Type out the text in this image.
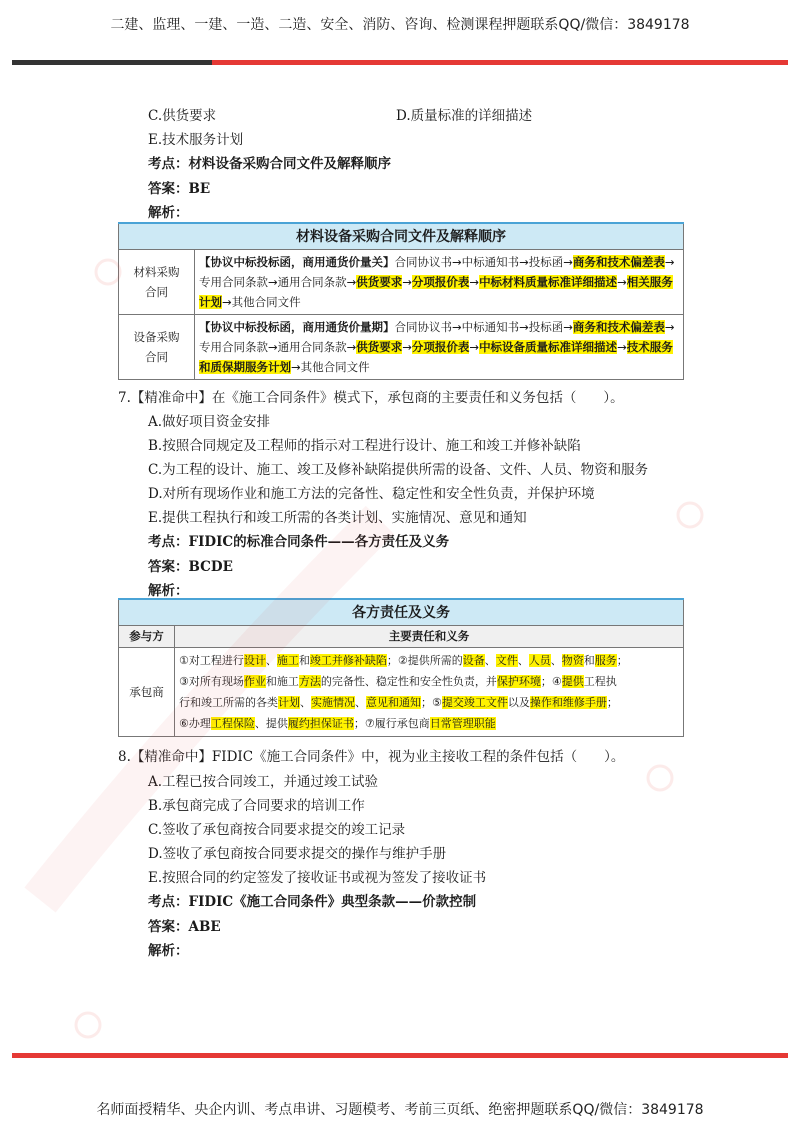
二建、监理、一建、一造、二造、安全、消防、咨询、检测课程押题联系QQ/微信：3849178
C.供货要求	D.质量标准的详细描述
E.技术服务计划
考点：材料设备采购合同文件及解释顺序
答案：BE
解析：
材料设备采购合同文件及解释顺序	

材料采购
合同	【协议中标投标函，商用通货价量关】合同协议书→中标通知书→投标函→商务和技术偏差表→专用合同条款→通用合同条款→供货要求→分项报价表→中标材料质量标准详细描述→相关服务计划→其他合同文件

设备采购
合同	【协议中标投标函，商用通货价量期】合同协议书→中标通知书→投标函→商务和技术偏差表→专用合同条款→通用合同条款→供货要求→分项报价表→中标设备质量标准详细描述→技术服务和质保期服务计划→其他合同文件
7.【精准命中】在《施工合同条件》模式下，承包商的主要责任和义务包括（　　）。
A.做好项目资金安排
B.按照合同规定及工程师的指示对工程进行设计、施工和竣工并修补缺陷
C.为工程的设计、施工、竣工及修补缺陷提供所需的设备、文件、人员、物资和服务
D.对所有现场作业和施工方法的完备性、稳定性和安全性负责，并保护环境
E.提供工程执行和竣工所需的各类计划、实施情况、意见和通知
考点：FIDIC的标准合同条件——各方责任及义务
答案：BCDE
解析：
各方责任及义务	
参与方	主要责任和义务
承包商	①对工程进行设计、施工和竣工并修补缺陷；②提供所需的设备、文件、人员、物资和服务；
③对所有现场作业和施工方法的完备性、稳定性和安全性负责，并保护环境；④提供工程执
行和竣工所需的各类计划、实施情况、意见和通知；⑤提交竣工文件以及操作和维修手册；
⑥办理工程保险、提供履约担保证书；⑦履行承包商日常管理职能
8.【精准命中】FIDIC《施工合同条件》中，视为业主接收工程的条件包括（　　）。
A.工程已按合同竣工，并通过竣工试验
B.承包商完成了合同要求的培训工作
C.签收了承包商按合同要求提交的竣工记录
D.签收了承包商按合同要求提交的操作与维护手册
E.按照合同的约定签发了接收证书或视为签发了接收证书
考点：FIDIC《施工合同条件》典型条款——价款控制
答案：ABE
解析：
名师面授精华、央企内训、考点串讲、习题模考、考前三页纸、绝密押题联系QQ/微信：3849178
